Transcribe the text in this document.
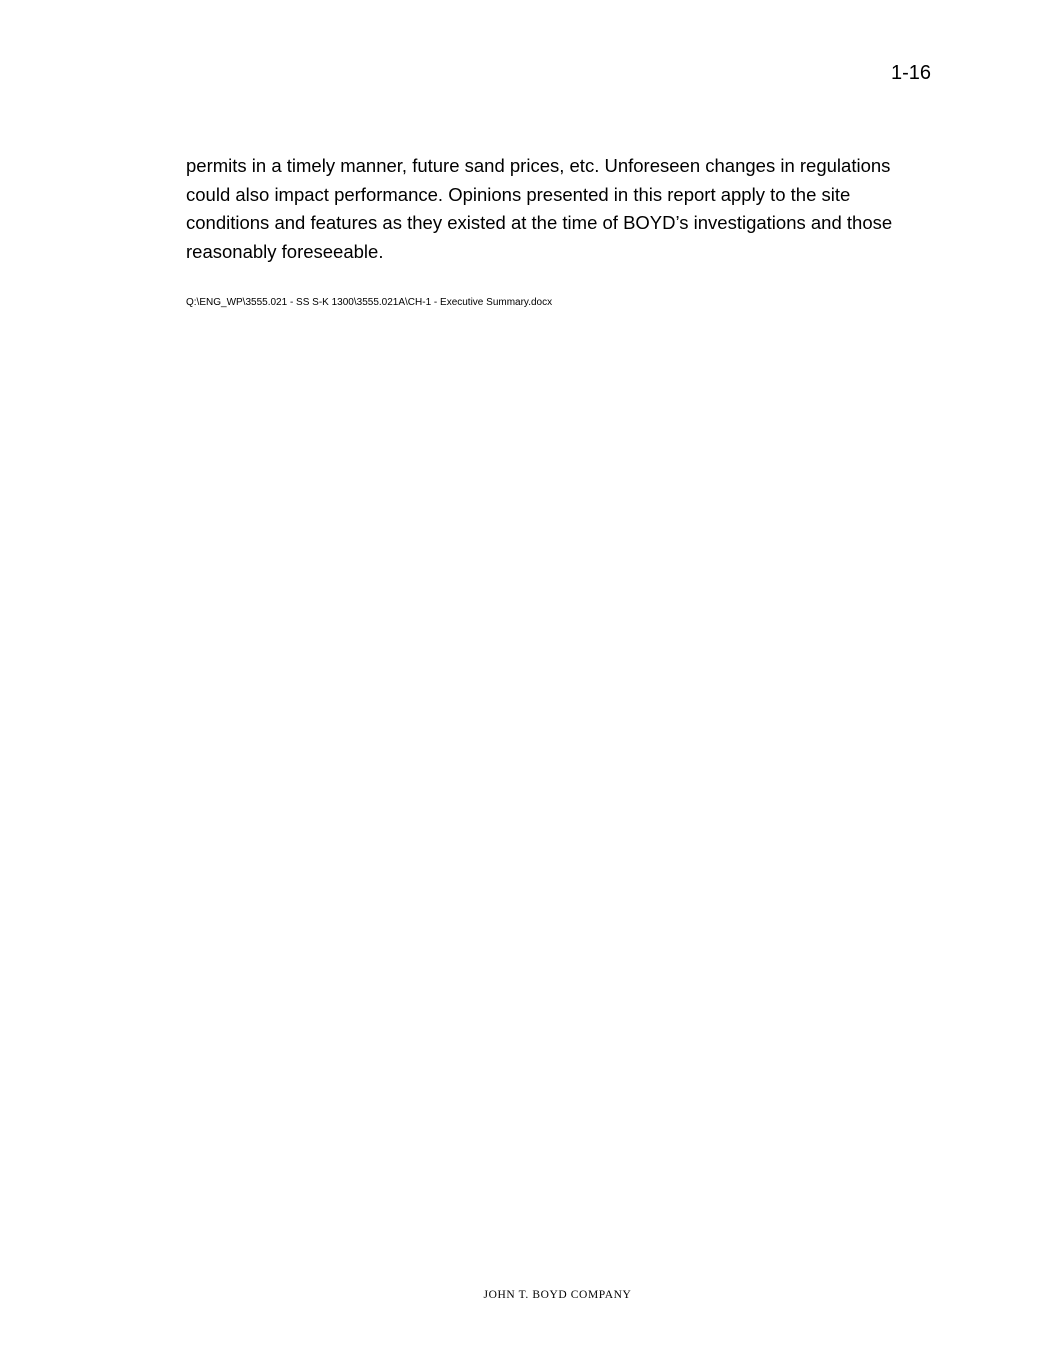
1-16

permits in a timely manner, future sand prices, etc. Unforeseen changes in regulations could also impact performance. Opinions presented in this report apply to the site conditions and features as they existed at the time of BOYD’s investigations and those reasonably foreseeable.

Q:\ENG_WP\3555.021 - SS S-K 1300\3555.021A\CH-1 - Executive Summary.docx
JOHN T. BOYD COMPANY
